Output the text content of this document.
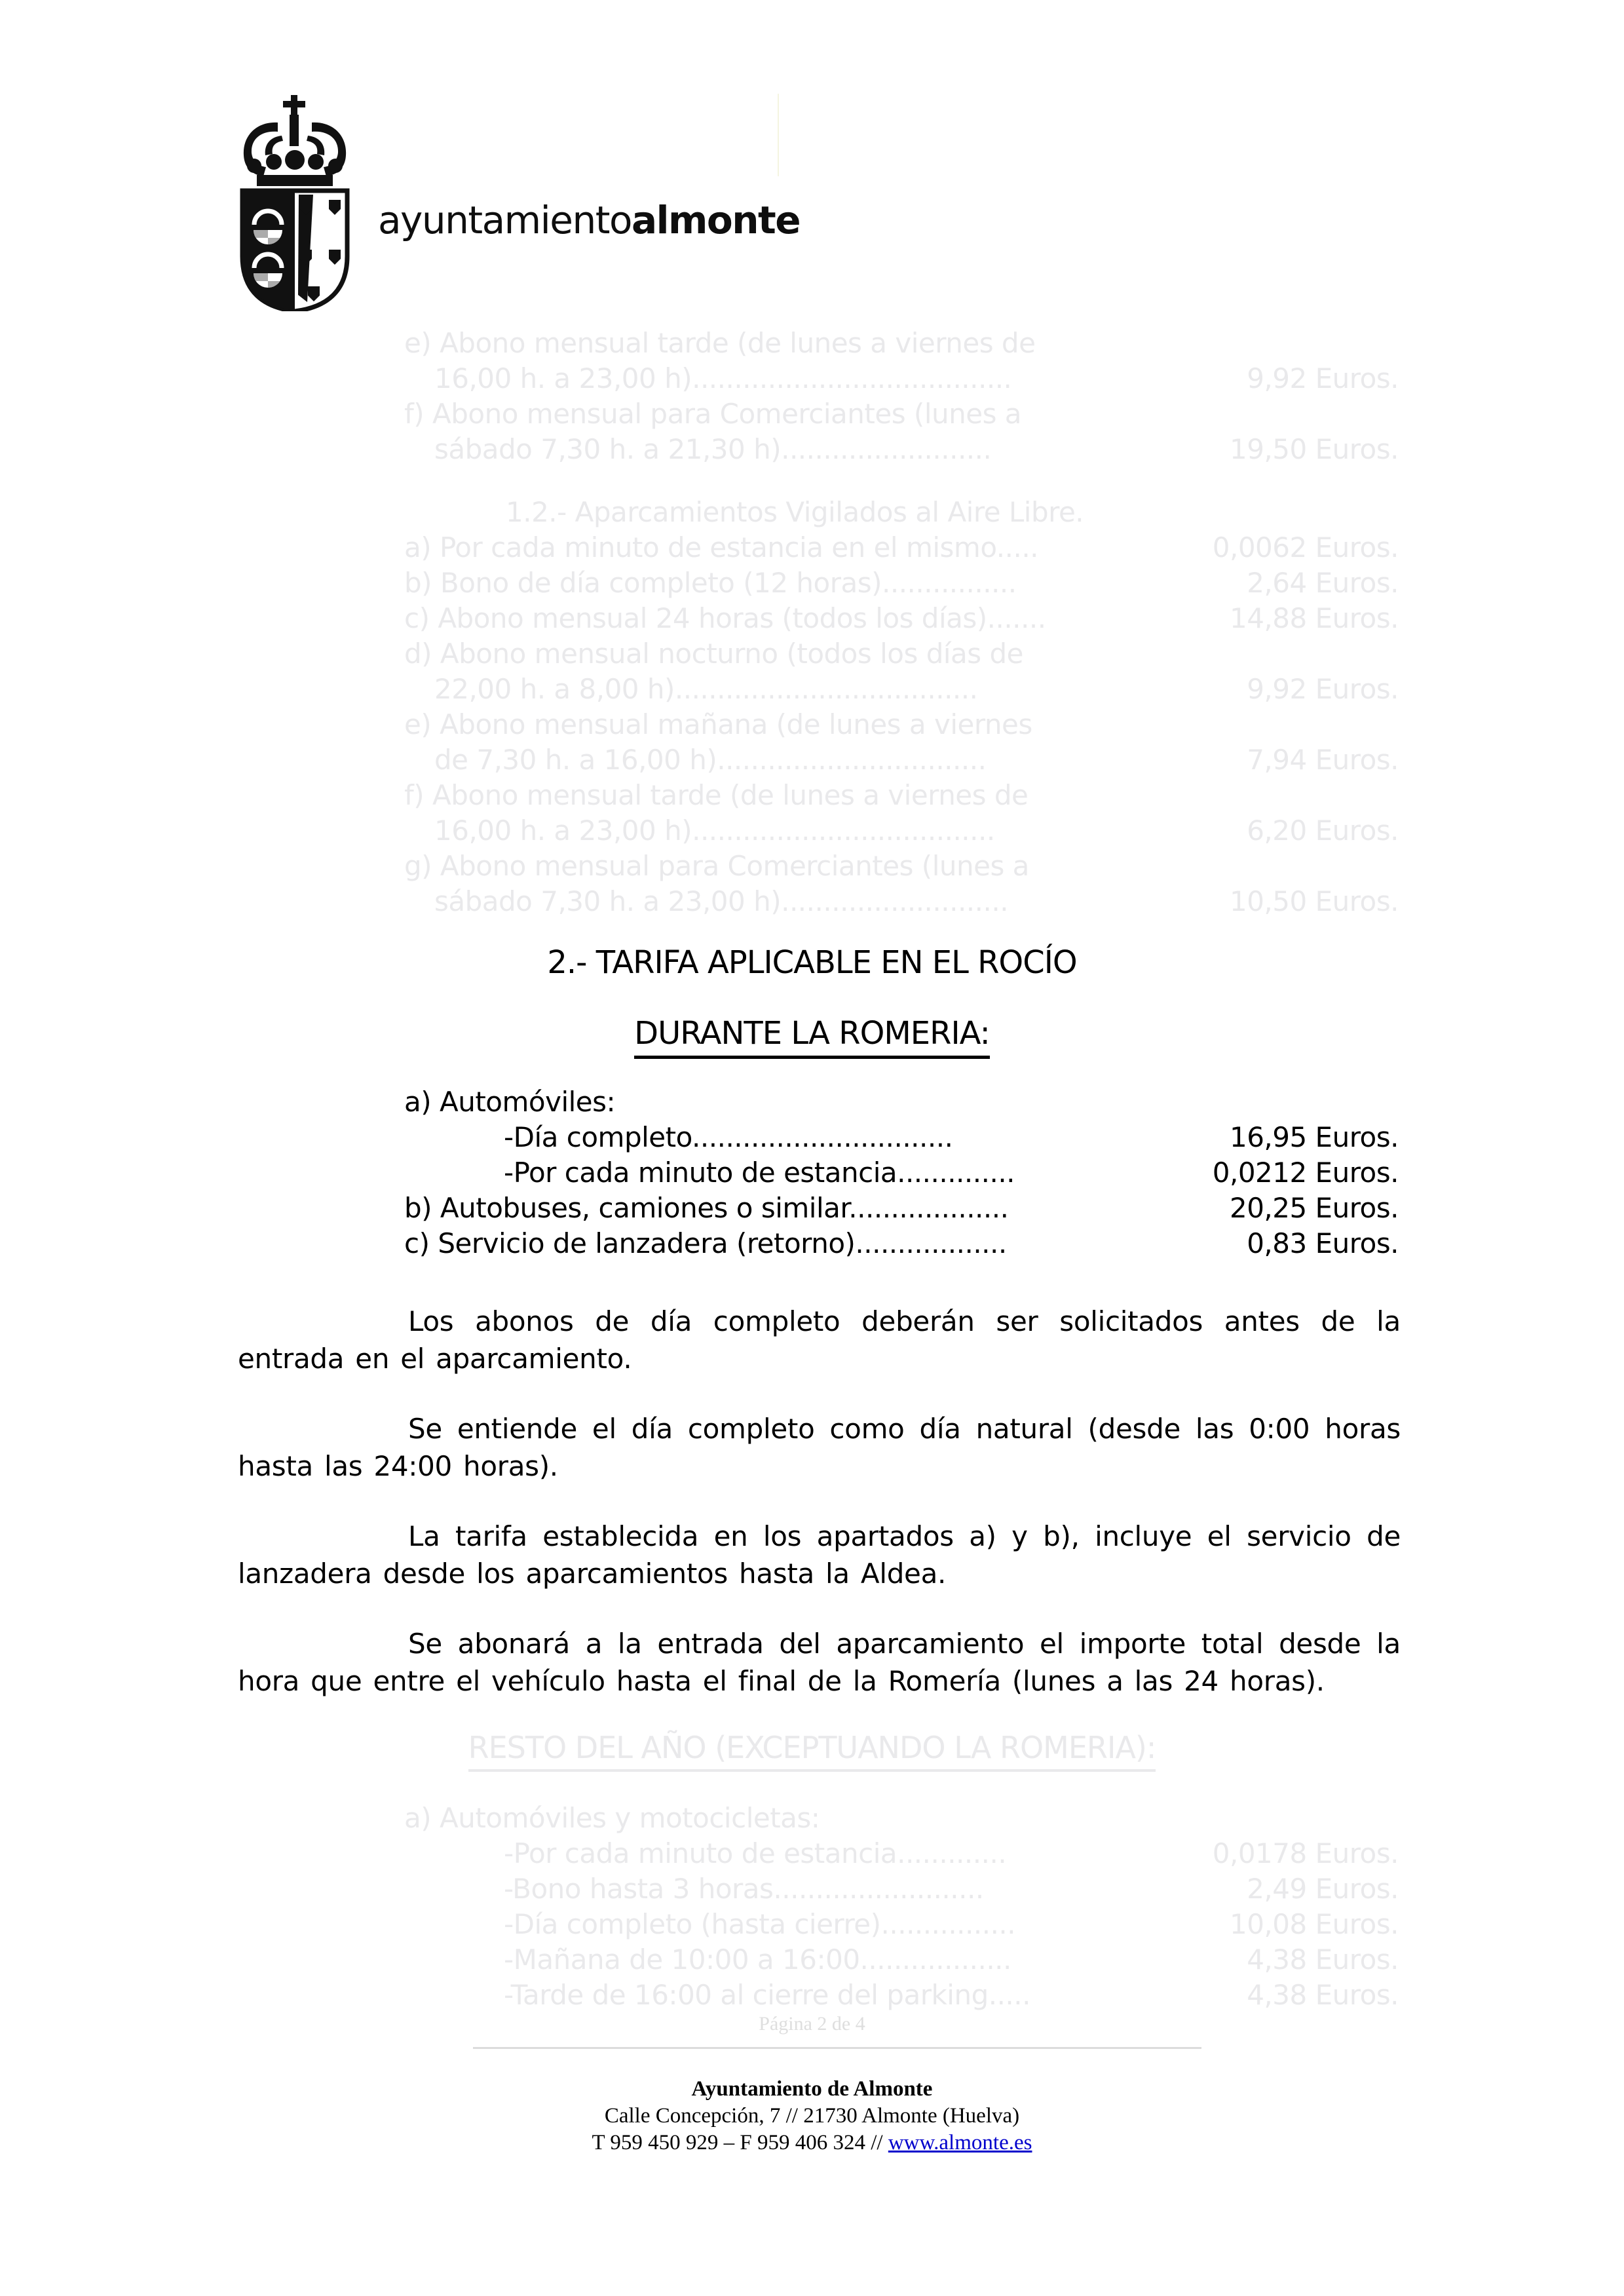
ayuntamientoalmonte
e) Abono mensual tarde (de lunes a viernes de
16,00 h. a 23,00 h)......................................	9,92 Euros.
f) Abono mensual para Comerciantes (lunes a
sábado 7,30 h. a 21,30 h).........................	19,50 Euros.
1.2.- Aparcamientos Vigilados al Aire Libre.
a) Por cada minuto de estancia en el mismo.....	0,0062 Euros.
b) Bono de día completo (12 horas)................	2,64 Euros.
c) Abono mensual 24 horas (todos los días).......	14,88 Euros.
d) Abono mensual nocturno (todos los días de
22,00 h. a 8,00 h)....................................	9,92 Euros.
e) Abono mensual mañana (de lunes a viernes
de 7,30 h. a 16,00 h)................................	7,94 Euros.
f) Abono mensual tarde (de lunes a viernes de
16,00 h. a 23,00 h)....................................	6,20 Euros.
g) Abono mensual para Comerciantes (lunes a
sábado 7,30 h. a 23,00 h)...........................	10,50 Euros.
2.- TARIFA APLICABLE EN EL ROCÍO
DURANTE LA ROMERIA:
a) Automóviles:
-Día completo...............................	16,95 Euros.
-Por cada minuto de estancia..............	0,0212 Euros.
b) Autobuses, camiones o similar...................	20,25 Euros.
c) Servicio de lanzadera (retorno)..................	0,83 Euros.

Los abonos de día completo deberán ser solicitados antes de la entrada en el aparcamiento.

Se entiende el día completo como día natural (desde las 0:00 horas hasta las 24:00 horas).

La tarifa establecida en los apartados a) y b), incluye el servicio de lanzadera desde los aparcamientos hasta la Aldea.

Se abonará a la entrada del aparcamiento el importe total desde la hora que entre el vehículo hasta el final de la Romería (lunes a las 24 horas).

RESTO DEL AÑO (EXCEPTUANDO LA ROMERIA):
a) Automóviles y motocicletas:
-Por cada minuto de estancia.............	0,0178 Euros.
-Bono hasta 3 horas.........................	2,49 Euros.
-Día completo (hasta cierre)................	10,08 Euros.
-Mañana de 10:00 a 16:00..................	4,38 Euros.
-Tarde de 16:00 al cierre del parking.....	4,38 Euros.
Página 2 de 4
Ayuntamiento de Almonte
Calle Concepción, 7 // 21730 Almonte (Huelva)
T 959 450 929 – F 959 406 324 // www.almonte.es
